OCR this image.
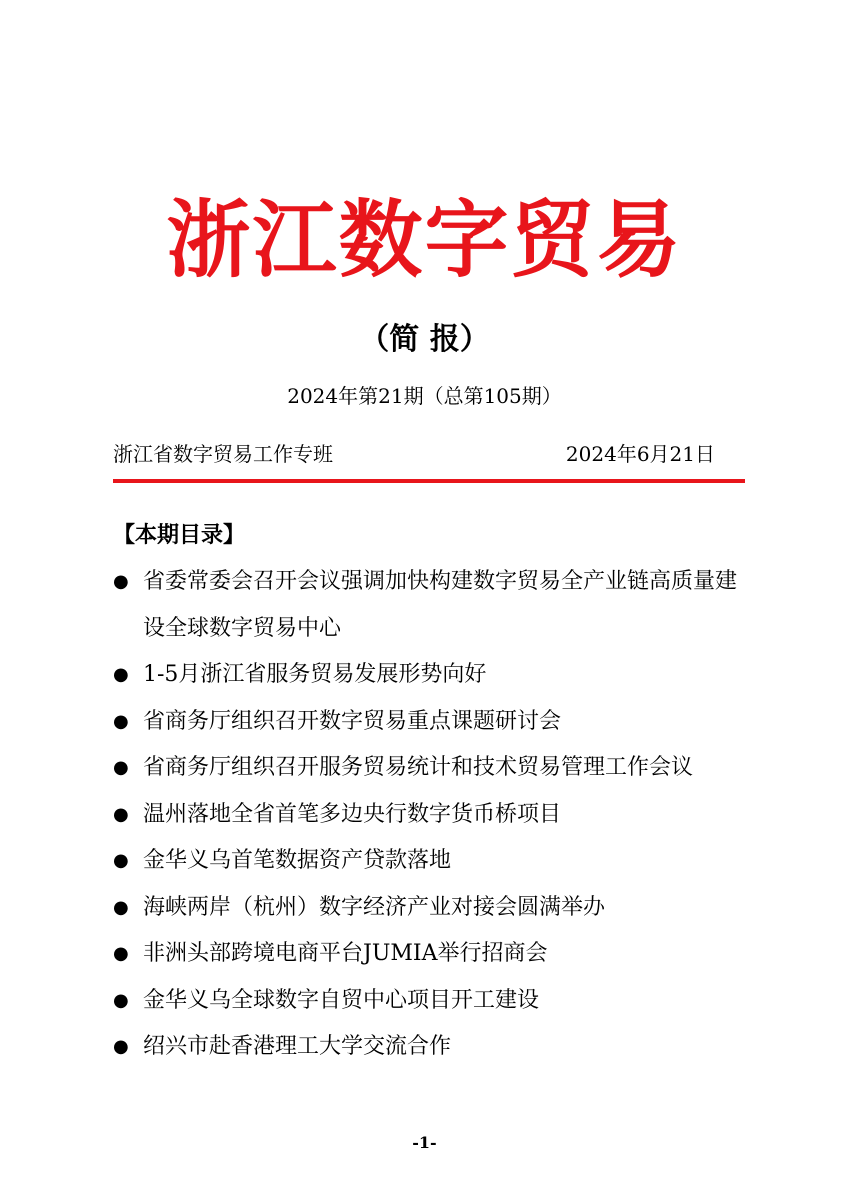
浙江数字贸易
（简 报）
2024年第21期（总第105期）
浙江省数字贸易工作专班	2024年6月21日
【本期目录】
● 省委常委会召开会议强调加快构建数字贸易全产业链高质量建设全球数字贸易中心
● 1-5月浙江省服务贸易发展形势向好
● 省商务厅组织召开数字贸易重点课题研讨会
● 省商务厅组织召开服务贸易统计和技术贸易管理工作会议
● 温州落地全省首笔多边央行数字货币桥项目
● 金华义乌首笔数据资产贷款落地
● 海峡两岸（杭州）数字经济产业对接会圆满举办
● 非洲头部跨境电商平台JUMIA举行招商会
● 金华义乌全球数字自贸中心项目开工建设
● 绍兴市赴香港理工大学交流合作
-1-
